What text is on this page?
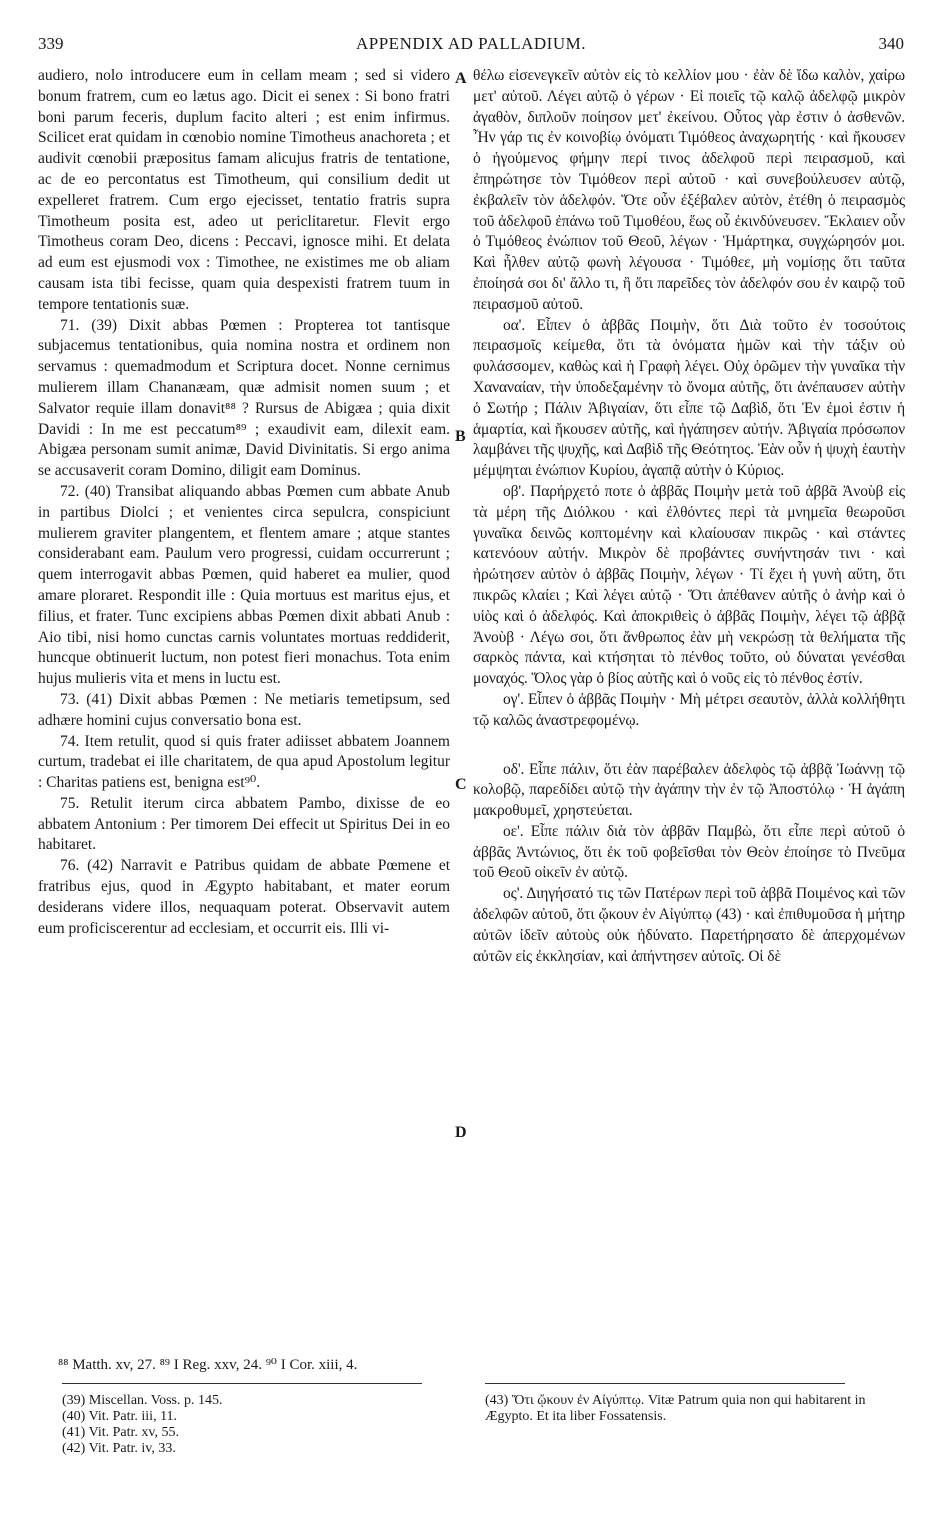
339	APPENDIX AD PALLADIUM.	340

audiero, nolo introducere eum in cellam meam ; sed si videro bonum fratrem, cum eo lætus ago. Dicit ei senex : Si bono fratri boni parum feceris, duplum facito alteri ; est enim infirmus. Scilicet erat quidam in cœnobio nomine Timotheus anachoreta ; et audivit cœnobii præpositus famam alicujus fratris de tentatione, ac de eo percontatus est Timotheum, qui consilium dedit ut expelleret fratrem. Cum ergo ejecisset, tentatio fratris supra Timotheum posita est, adeo ut periclitaretur. Flevit ergo Timotheus coram Deo, dicens : Peccavi, ignosce mihi. Et delata ad eum est ejusmodi vox : Timothee, ne existimes me ob aliam causam ista tibi fecisse, quam quia despexisti fratrem tuum in tempore tentationis suæ.

71. (39) Dixit abbas Pœmen : Propterea tot tantisque subjacemus tentationibus, quia nomina nostra et ordinem non servamus : quemadmodum et Scriptura docet. Nonne cernimus mulierem illam Chananæam, quæ admisit nomen suum ; et Salvator requie illam donavit⁸⁸ ? Rursus de Abigæa ; quia dixit Davidi : In me est peccatum⁸⁹ ; exaudivit eam, dilexit eam. Abigæa personam sumit animæ, David Divinitatis. Si ergo anima se accusaverit coram Domino, diligit eam Dominus.

72. (40) Transibat aliquando abbas Pœmen cum abbate Anub in partibus Diolci ; et venientes circa sepulcra, conspiciunt mulierem graviter plangentem, et flentem amare ; atque stantes considerabant eam. Paulum vero progressi, cuidam occurrerunt ; quem interrogavit abbas Pœmen, quid haberet ea mulier, quod amare ploraret. Respondit ille : Quia mortuus est maritus ejus, et filius, et frater. Tunc excipiens abbas Pœmen dixit abbati Anub : Aio tibi, nisi homo cunctas carnis voluntates mortuas reddiderit, huncque obtinuerit luctum, non potest fieri monachus. Tota enim hujus mulieris vita et mens in luctu est.

73. (41) Dixit abbas Pœmen : Ne metiaris temetipsum, sed adhære homini cujus conversatio bona est.

74. Item retulit, quod si quis frater adiisset abbatem Joannem curtum, tradebat ei ille charitatem, de qua apud Apostolum legitur : Charitas patiens est, benigna est⁹⁰.

75. Retulit iterum circa abbatem Pambo, dixisse de eo abbatem Antonium : Per timorem Dei effecit ut Spiritus Dei in eo habitaret.

76. (42) Narravit e Patribus quidam de abbate Pœmene et fratribus ejus, quod in Ægypto habitabant, et mater eorum desiderans videre illos, nequaquam poterat. Observavit autem eum proficiscerentur ad ecclesiam, et occurrit eis. Illi vi-

θέλω εἰσενεγκεῖν αὐτὸν εἰς τὸ κελλίον μου · ἐὰν δὲ ἴδω καλὸν, χαίρω μετ' αὐτοῦ. Λέγει αὐτῷ ὁ γέρων · Εἰ ποιεῖς τῷ καλῷ ἀδελφῷ μικρὸν ἀγαθὸν, διπλοῦν ποίησον μετ' ἐκείνου. Οὗτος γὰρ ἐστιν ὁ ἀσθενῶν. Ἦν γάρ τις ἐν κοινοβίῳ ὀνόματι Τιμόθεος ἀναχωρητής · καὶ ἤκουσεν ὁ ἡγούμενος φήμην περί τινος ἀδελφοῦ περὶ πειρασμοῦ, καὶ ἐπηρώτησε τὸν Τιμόθεον περὶ αὐτοῦ · καὶ συνεβούλευσεν αὐτῷ, ἐκβαλεῖν τὸν ἀδελφόν. Ὅτε οὖν ἐξέβαλεν αὐτὸν, ἐτέθη ὁ πειρασμὸς τοῦ ἀδελφοῦ ἐπάνω τοῦ Τιμοθέου, ἕως οὗ ἐκινδύνευσεν. Ἔκλαιεν οὖν ὁ Τιμόθεος ἐνώπιον τοῦ Θεοῦ, λέγων · Ἡμάρτηκα, συγχώρησόν μοι. Καὶ ἦλθεν αὐτῷ φωνὴ λέγουσα · Τιμόθεε, μὴ νομίσῃς ὅτι ταῦτα ἐποίησά σοι δι' ἄλλο τι, ἢ ὅτι παρεῖδες τὸν ἀδελφόν σου ἐν καιρῷ τοῦ πειρασμοῦ αὐτοῦ.

οα'. Εἶπεν ὁ ἀββᾶς Ποιμὴν, ὅτι Διὰ τοῦτο ἐν τοσούτοις πειρασμοῖς κείμεθα, ὅτι τὰ ὀνόματα ἡμῶν καὶ τὴν τάξιν οὐ φυλάσσομεν, καθὼς καὶ ἡ Γραφὴ λέγει. Οὐχ ὁρῶμεν τὴν γυναῖκα τὴν Χαναναίαν, τὴν ὑποδεξαμένην τὸ ὄνομα αὐτῆς, ὅτι ἀνέπαυσεν αὐτὴν ὁ Σωτήρ ; Πάλιν Ἀβιγαίαν, ὅτι εἶπε τῷ Δαβὶδ, ὅτι Ἐν ἐμοὶ ἐστιν ἡ ἁμαρτία, καὶ ἤκουσεν αὐτῆς, καὶ ἠγάπησεν αὐτήν. Ἀβιγαία πρόσωπον λαμβάνει τῆς ψυχῆς, καὶ Δαβὶδ τῆς Θεότητος. Ἐὰν οὖν ἡ ψυχὴ ἑαυτὴν μέμψηται ἐνώπιον Κυρίου, ἀγαπᾷ αὐτὴν ὁ Κύριος.

οβ'. Παρήρχετό ποτε ὁ ἀββᾶς Ποιμὴν μετὰ τοῦ ἀββᾶ Ἀνοὺβ εἰς τὰ μέρη τῆς Διόλκου · καὶ ἐλθόντες περὶ τὰ μνημεῖα θεωροῦσι γυναῖκα δεινῶς κοπτομένην καὶ κλαίουσαν πικρῶς · καὶ στάντες κατενόουν αὐτήν. Μικρὸν δὲ προβάντες συνήντησάν τινι · καὶ ἠρώτησεν αὐτὸν ὁ ἀββᾶς Ποιμὴν, λέγων · Τί ἔχει ἡ γυνὴ αὕτη, ὅτι πικρῶς κλαίει ; Καὶ λέγει αὐτῷ · Ὅτι ἀπέθανεν αὐτῆς ὁ ἀνὴρ καὶ ὁ υἱὸς καὶ ὁ ἀδελφός. Καὶ ἀποκριθεὶς ὁ ἀββᾶς Ποιμὴν, λέγει τῷ ἀββᾷ Ἀνοὺβ · Λέγω σοι, ὅτι ἄνθρωπος ἐὰν μὴ νεκρώσῃ τὰ θελήματα τῆς σαρκὸς πάντα, καὶ κτήσηται τὸ πένθος τοῦτο, οὐ δύναται γενέσθαι μοναχός. Ὅλος γὰρ ὁ βίος αὐτῆς καὶ ὁ νοῦς εἰς τὸ πένθος ἐστίν.

ογ'. Εἶπεν ὁ ἀββᾶς Ποιμὴν · Μὴ μέτρει σεαυτὸν, ἀλλὰ κολλήθητι τῷ καλῶς ἀναστρεφομένῳ.

οδ'. Εἶπε πάλιν, ὅτι ἐὰν παρέβαλεν ἀδελφὸς τῷ ἀββᾷ Ἰωάννῃ τῷ κολοβῷ, παρεδίδει αὐτῷ τὴν ἀγάπην τὴν ἐν τῷ Ἀποστόλῳ · Ἡ ἀγάπη μακροθυμεῖ, χρηστεύεται.

οε'. Εἶπε πάλιν διὰ τὸν ἀββᾶν Παμβὼ, ὅτι εἶπε περὶ αὐτοῦ ὁ ἀββᾶς Ἀντώνιος, ὅτι ἐκ τοῦ φοβεῖσθαι τὸν Θεὸν ἐποίησε τὸ Πνεῦμα τοῦ Θεοῦ οἰκεῖν ἐν αὐτῷ.

ος'. Διηγήσατό τις τῶν Πατέρων περὶ τοῦ ἀββᾶ Ποιμένος καὶ τῶν ἀδελφῶν αὐτοῦ, ὅτι ᾤκουν ἐν Αἰγύπτῳ (43) · καὶ ἐπιθυμοῦσα ἡ μήτηρ αὐτῶν ἰδεῖν αὐτοὺς οὐκ ἠδύνατο. Παρετήρησατο δὲ ἀπερχομένων αὐτῶν εἰς ἐκκλησίαν, καὶ ἀπήντησεν αὐτοῖς. Οἱ δὲ

A
B
C
D
⁸⁸ Matth. xv, 27. ⁸⁹ I Reg. xxv, 24. ⁹⁰ I Cor. xiii, 4.

(39) Miscellan. Voss. p. 145.

(40) Vit. Patr. iii, 11.

(41) Vit. Patr. xv, 55.

(42) Vit. Patr. iv, 33.

(43) Ὅτι ᾤκουν ἐν Αἰγύπτῳ. Vitæ Patrum quia non qui habitarent in Ægypto. Et ita liber Fossatensis.
